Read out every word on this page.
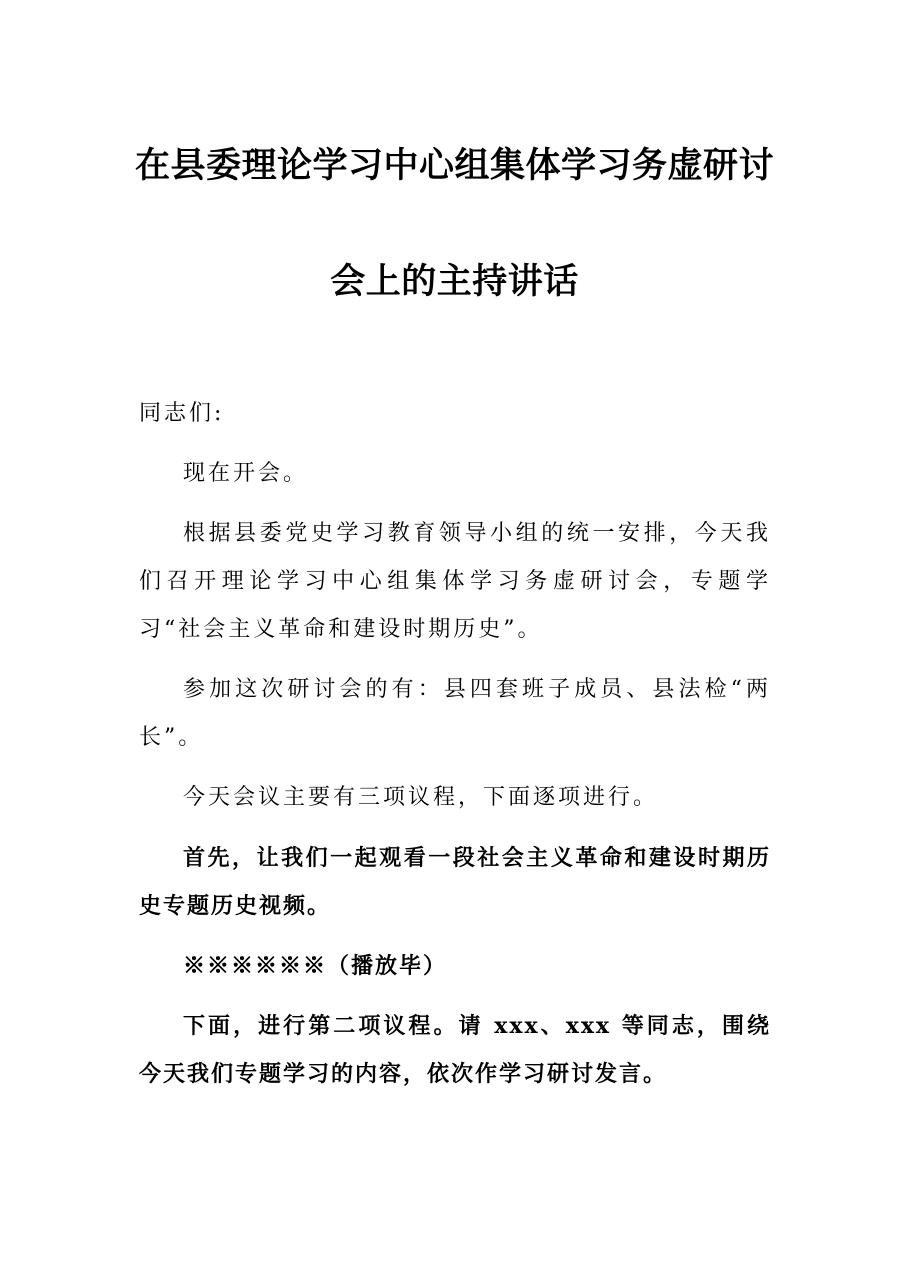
在县委理论学习中心组集体学习务虚研讨
会上的主持讲话

同志们:

现在开会。

根据县委党史学习教育领导小组的统一安排，今天我们召开理论学习中心组集体学习务虚研讨会，专题学习“社会主义革命和建设时期历史”。

参加这次研讨会的有：县四套班子成员、县法检“两长”。

今天会议主要有三项议程，下面逐项进行。

首先，让我们一起观看一段社会主义革命和建设时期历史专题历史视频。

※※※※※※（播放毕）

下面，进行第二项议程。请 xxx、xxx 等同志，围绕今天我们专题学习的内容，依次作学习研讨发言。
